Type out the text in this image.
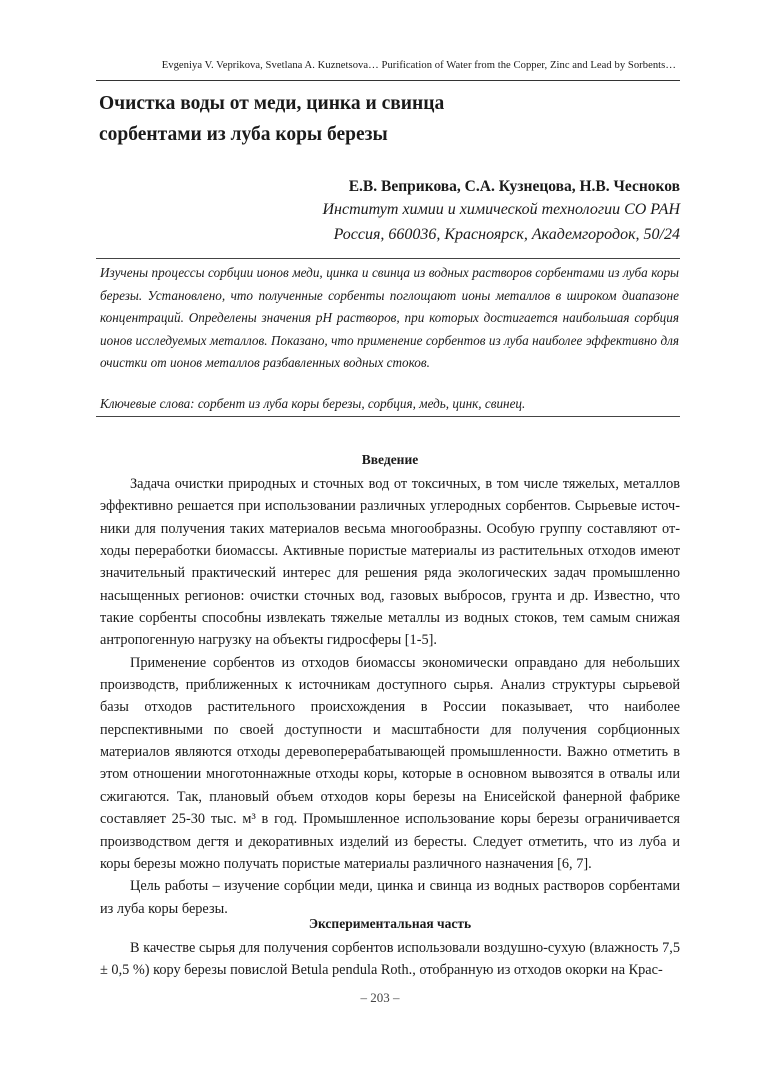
Evgeniya V. Veprikova, Svetlana A. Kuznetsova… Purification of Water from the Copper, Zinc and Lead by Sorbents…
Очистка воды от меди, цинка и свинца
сорбентами из луба коры березы
Е.В. Веприкова, С.А. Кузнецова, Н.В. Чесноков
Институт химии и химической технологии СО РАН
Россия, 660036, Красноярск, Академгородок, 50/24

Изучены процессы сорбции ионов меди, цинка и свинца из водных растворов сорбентами из луба коры березы. Установлено, что полученные сорбенты поглощают ионы металлов в широком диапазоне концентраций. Определены значения pH растворов, при которых достигается наибольшая сорбция ионов исследуемых металлов. Показано, что применение сорбентов из луба наиболее эффективно для очистки от ионов металлов разбавленных водных стоков.

Ключевые слова: сорбент из луба коры березы, сорбция, медь, цинк, свинец.
Введение

Задача очистки природных и сточных вод от токсичных, в том числе тяжелых, металлов эффективно решается при использовании различных углеродных сорбентов. Сырьевые источники для получения таких материалов весьма многообразны. Особую группу составляют отходы переработки биомассы. Активные пористые материалы из растительных отходов имеют значительный практический интерес для решения ряда экологических задач промышленно насыщенных регионов: очистки сточных вод, газовых выбросов, грунта и др. Известно, что такие сорбенты способны извлекать тяжелые металлы из водных стоков, тем самым снижая антропогенную нагрузку на объекты гидросферы [1-5].

Применение сорбентов из отходов биомассы экономически оправдано для небольших производств, приближенных к источникам доступного сырья. Анализ структуры сырьевой базы отходов растительного происхождения в России показывает, что наиболее перспективными по своей доступности и масштабности для получения сорбционных материалов являются отходы деревоперерабатывающей промышленности. Важно отметить в этом отношении многотоннажные отходы коры, которые в основном вывозятся в отвалы или сжигаются. Так, плановый объем отходов коры березы на Енисейской фанерной фабрике составляет 25-30 тыс. м³ в год. Промышленное использование коры березы ограничивается производством дегтя и декоративных изделий из бересты. Следует отметить, что из луба и коры березы можно получать пористые материалы различного назначения [6, 7].

Цель работы – изучение сорбции меди, цинка и свинца из водных растворов сорбентами из луба коры березы.

Экспериментальная часть

В качестве сырья для получения сорбентов использовали воздушно-сухую (влажность 7,5 ± 0,5 %) кору березы повислой Betula pendula Roth., отобранную из отходов окорки на Крас-

– 203 –
